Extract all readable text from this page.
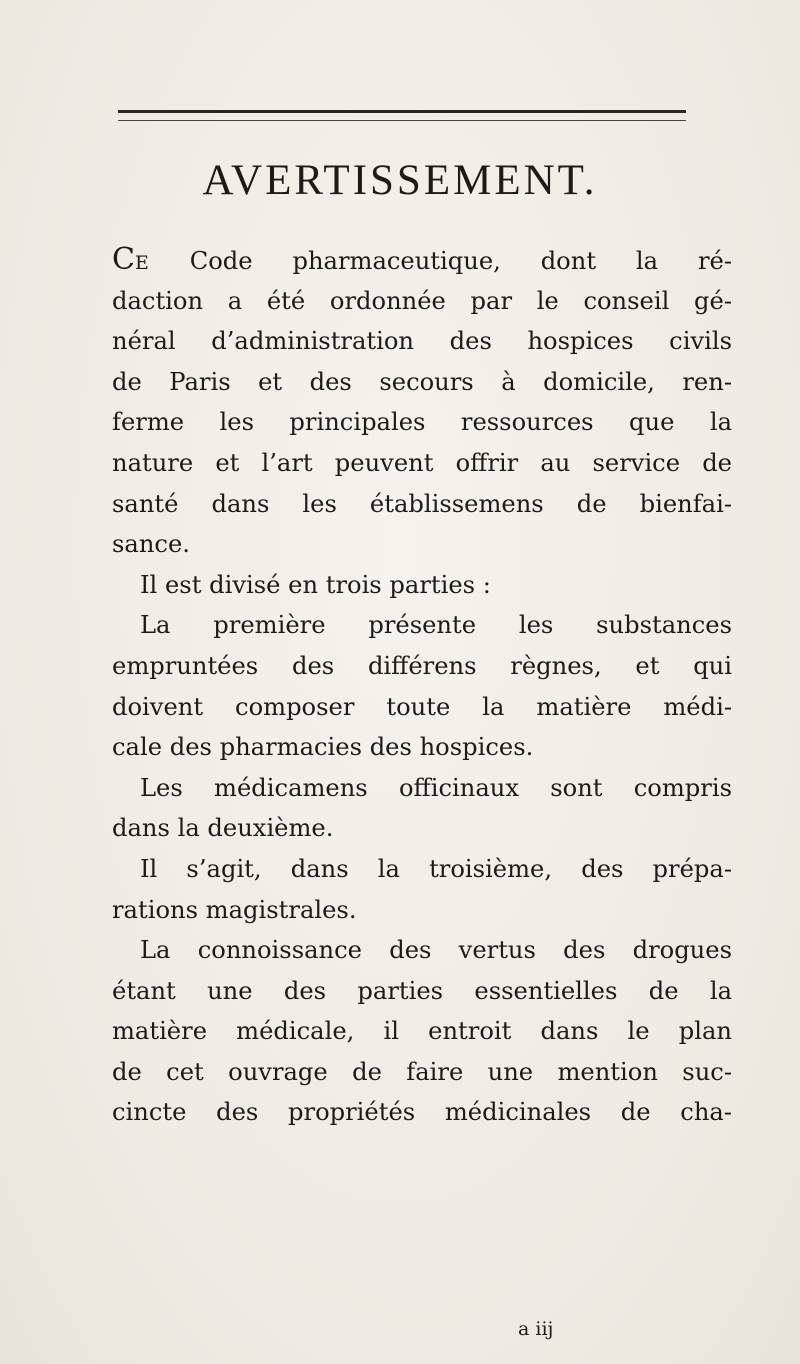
AVERTISSEMENT.
CE Code pharmaceutique, dont la ré-
daction a été ordonnée par le conseil gé-
néral d’administration des hospices civils
de Paris et des secours à domicile, ren-
ferme les principales ressources que la
nature et l’art peuvent offrir au service de
santé dans les établissemens de bienfai-
sance.
Il est divisé en trois parties :
La première présente les substances
empruntées des différens règnes, et qui
doivent composer toute la matière médi-
cale des pharmacies des hospices.
Les médicamens officinaux sont compris
dans la deuxième.
Il s’agit, dans la troisième, des prépa-
rations magistrales.
La connoissance des vertus des drogues
étant une des parties essentielles de la
matière médicale, il entroit dans le plan
de cet ouvrage de faire une mention suc-
cincte des propriétés médicinales de cha-
a iij
